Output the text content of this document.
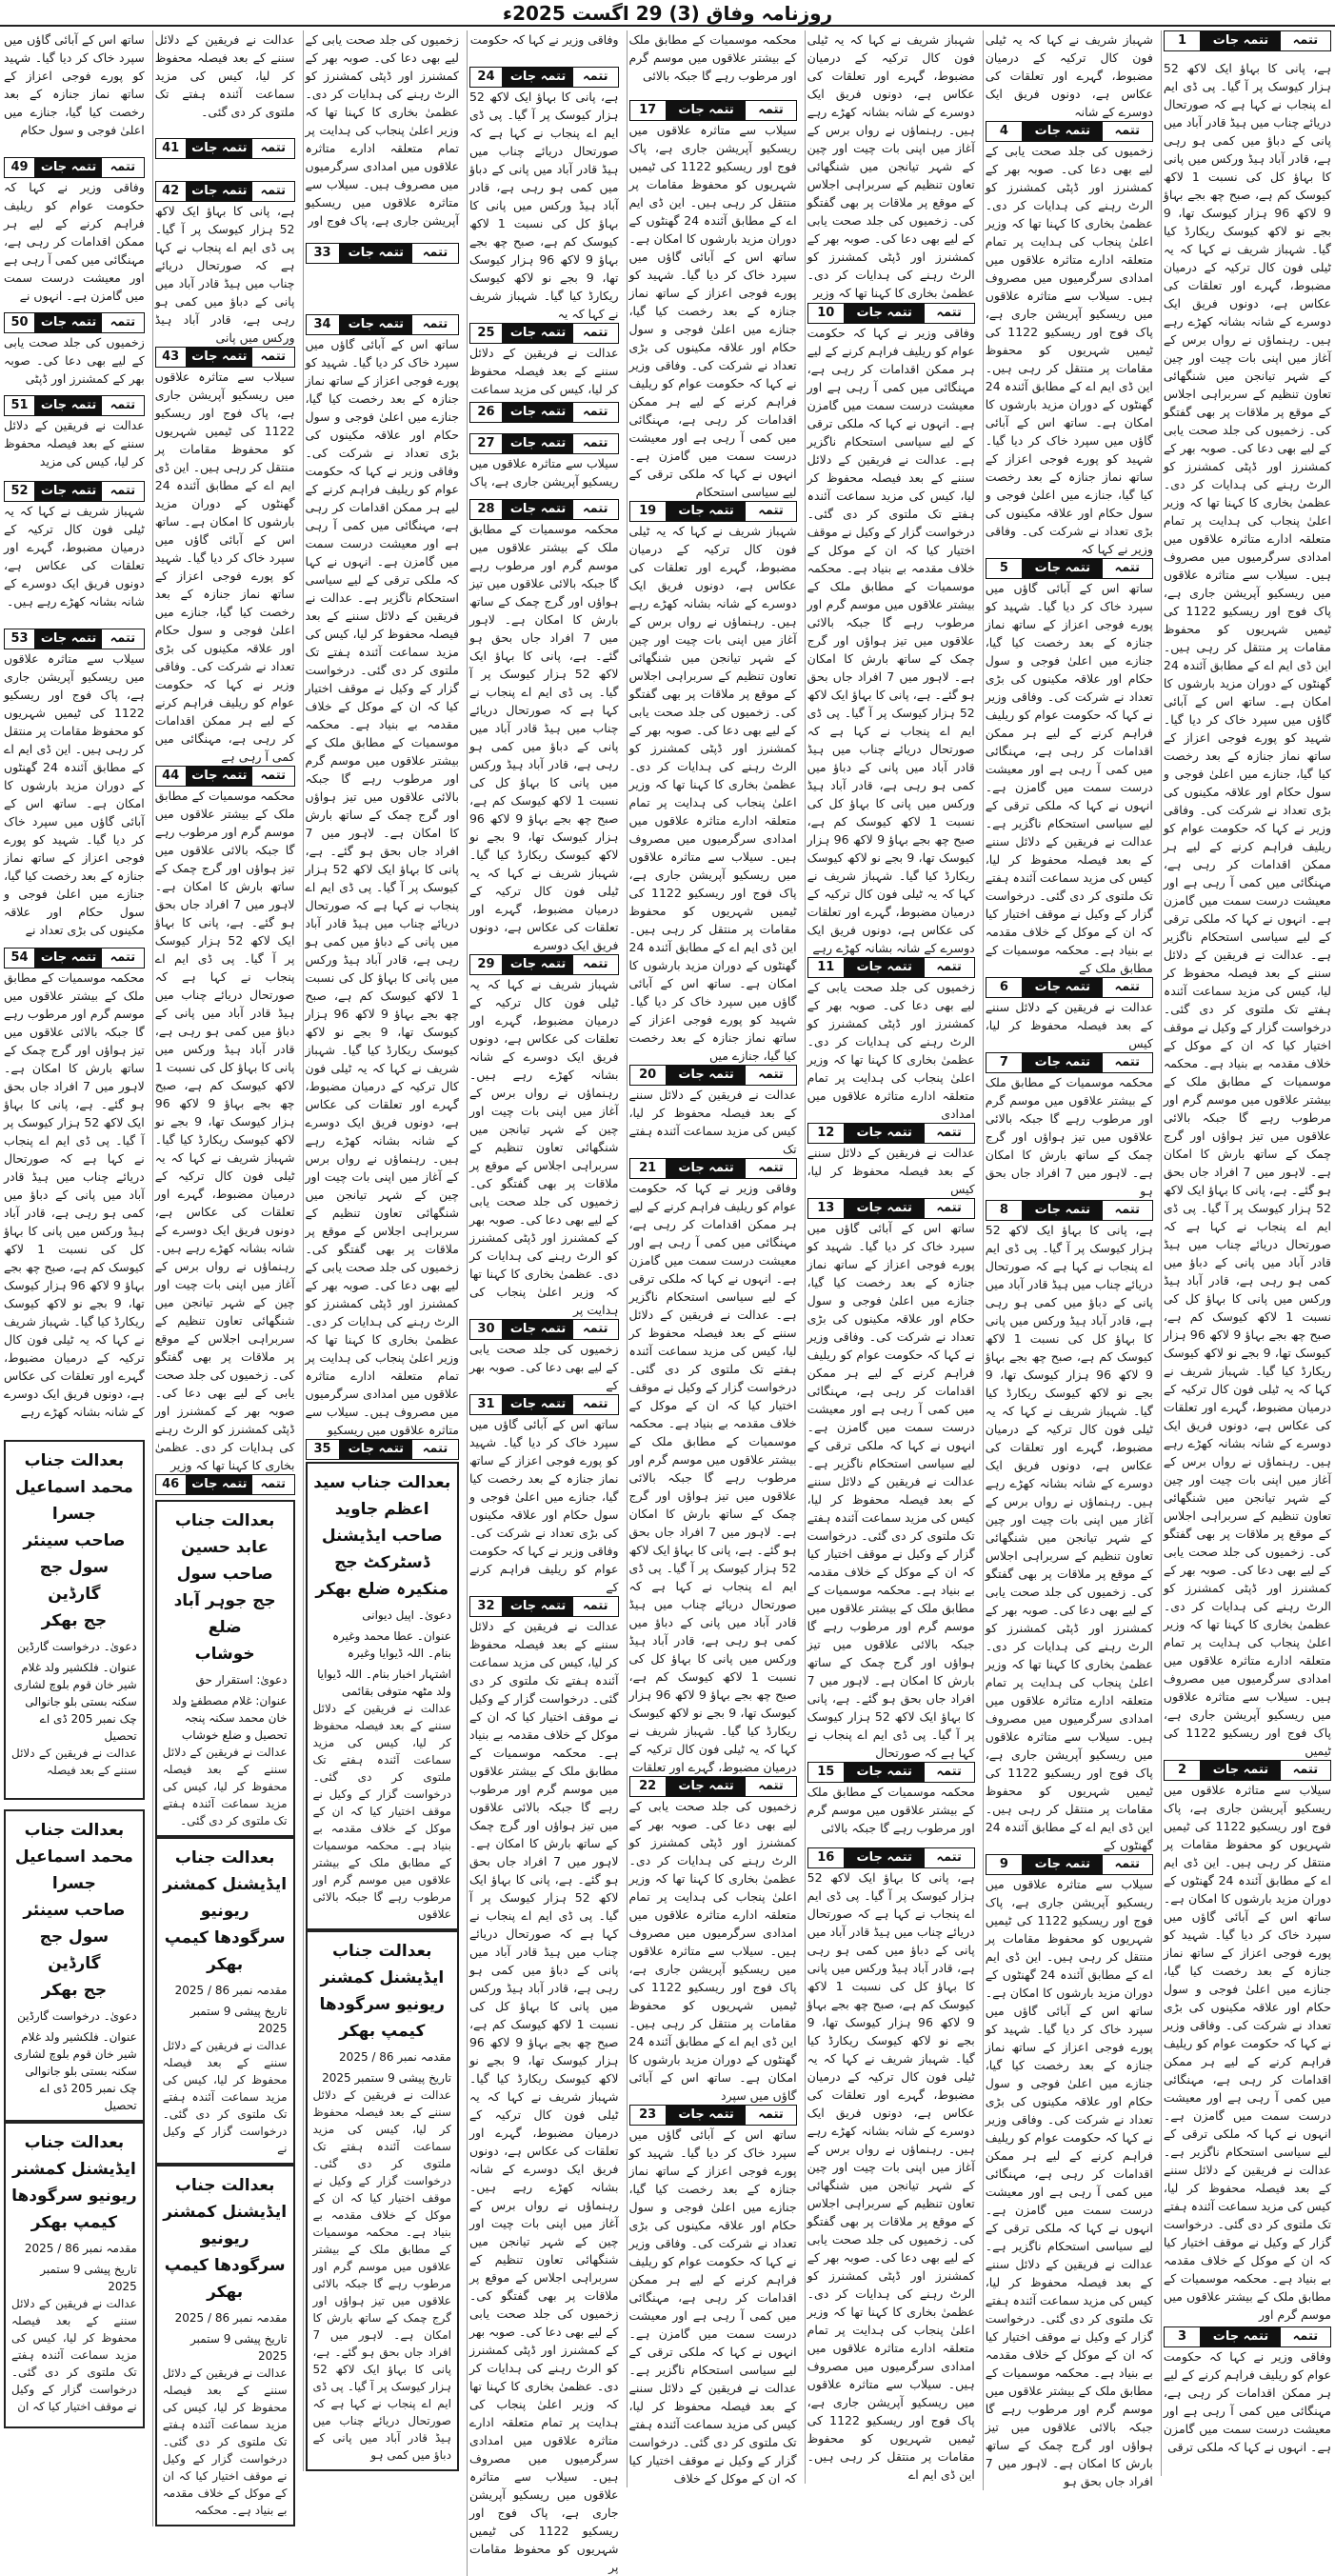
روزنامہ وفاق (3) 29 اگست 2025ء
تتمہ
تتمہ جات
1
ہے، پانی کا بہاؤ ایک لاکھ 52 ہزار کیوسک پر آ گیا۔ پی ڈی ایم اے پنجاب نے کہا ہے کہ صورتحال دریائے چناب میں ہیڈ قادر آباد میں پانی کے دباؤ میں کمی ہو رہی ہے، قادر آباد ہیڈ ورکس میں پانی کا بہاؤ کل کی نسبت 1 لاکھ کیوسک کم ہے، صبح چھ بجے بہاؤ 9 لاکھ 96 ہزار کیوسک تھا، 9 بجے نو لاکھ کیوسک ریکارڈ کیا گیا۔ شہباز شریف نے کہا کہ یہ ٹیلی فون کال ترکیہ کے درمیان مضبوط، گہرے اور تعلقات کی عکاس ہے، دونوں فریق ایک دوسرے کے شانہ بشانہ کھڑے رہے ہیں۔ رہنماؤں نے رواں برس کے آغاز میں اپنی بات چیت اور چین کے شہر تیانجن میں شنگھائی تعاون تنظیم کے سربراہی اجلاس کے موقع پر ملاقات پر بھی گفتگو کی۔ زخمیوں کی جلد صحت یابی کے لیے بھی دعا کی۔ صوبہ بھر کے کمشنرز اور ڈپٹی کمشنرز کو الرٹ رہنے کی ہدایات کر دی۔ عظمیٰ بخاری کا کہنا تھا کہ وزیر اعلیٰ پنجاب کی ہدایت پر تمام متعلقہ ادارے متاثرہ علاقوں میں امدادی سرگرمیوں میں مصروف ہیں۔ سیلاب سے متاثرہ علاقوں میں ریسکیو آپریشن جاری ہے، پاک فوج اور ریسکیو 1122 کی ٹیمیں شہریوں کو محفوظ مقامات پر منتقل کر رہی ہیں۔ این ڈی ایم اے کے مطابق آئندہ 24 گھنٹوں کے دوران مزید بارشوں کا امکان ہے۔ ساتھ اس کے آبائی گاؤں میں سپرد خاک کر دیا گیا۔ شہید کو پورے فوجی اعزاز کے ساتھ نماز جنازہ کے بعد رخصت کیا گیا، جنازے میں اعلیٰ فوجی و سول حکام اور علاقہ مکینوں کی بڑی تعداد نے شرکت کی۔ وفاقی وزیر نے کہا کہ حکومت عوام کو ریلیف فراہم کرنے کے لیے ہر ممکن اقدامات کر رہی ہے، مہنگائی میں کمی آ رہی ہے اور معیشت درست سمت میں گامزن ہے۔ انہوں نے کہا کہ ملکی ترقی کے لیے سیاسی استحکام ناگزیر ہے۔ عدالت نے فریقین کے دلائل سننے کے بعد فیصلہ محفوظ کر لیا، کیس کی مزید سماعت آئندہ ہفتے تک ملتوی کر دی گئی۔ درخواست گزار کے وکیل نے موقف اختیار کیا کہ ان کے موکل کے خلاف مقدمہ بے بنیاد ہے۔ محکمہ موسمیات کے مطابق ملک کے بیشتر علاقوں میں موسم گرم اور مرطوب رہے گا جبکہ بالائی علاقوں میں تیز ہواؤں اور گرج چمک کے ساتھ بارش کا امکان ہے۔ لاہور میں 7 افراد جاں بحق ہو گئے۔ ہے، پانی کا بہاؤ ایک لاکھ 52 ہزار کیوسک پر آ گیا۔ پی ڈی ایم اے پنجاب نے کہا ہے کہ صورتحال دریائے چناب میں ہیڈ قادر آباد میں پانی کے دباؤ میں کمی ہو رہی ہے، قادر آباد ہیڈ ورکس میں پانی کا بہاؤ کل کی نسبت 1 لاکھ کیوسک کم ہے، صبح چھ بجے بہاؤ 9 لاکھ 96 ہزار کیوسک تھا، 9 بجے نو لاکھ کیوسک ریکارڈ کیا گیا۔ شہباز شریف نے کہا کہ یہ ٹیلی فون کال ترکیہ کے درمیان مضبوط، گہرے اور تعلقات کی عکاس ہے، دونوں فریق ایک دوسرے کے شانہ بشانہ کھڑے رہے ہیں۔ رہنماؤں نے رواں برس کے آغاز میں اپنی بات چیت اور چین کے شہر تیانجن میں شنگھائی تعاون تنظیم کے سربراہی اجلاس کے موقع پر ملاقات پر بھی گفتگو کی۔ زخمیوں کی جلد صحت یابی کے لیے بھی دعا کی۔ صوبہ بھر کے کمشنرز اور ڈپٹی کمشنرز کو الرٹ رہنے کی ہدایات کر دی۔ عظمیٰ بخاری کا کہنا تھا کہ وزیر اعلیٰ پنجاب کی ہدایت پر تمام متعلقہ ادارے متاثرہ علاقوں میں امدادی سرگرمیوں میں مصروف ہیں۔ سیلاب سے متاثرہ علاقوں میں ریسکیو آپریشن جاری ہے، پاک فوج اور ریسکیو 1122 کی ٹیمیں
تتمہ
تتمہ جات
2
سیلاب سے متاثرہ علاقوں میں ریسکیو آپریشن جاری ہے، پاک فوج اور ریسکیو 1122 کی ٹیمیں شہریوں کو محفوظ مقامات پر منتقل کر رہی ہیں۔ این ڈی ایم اے کے مطابق آئندہ 24 گھنٹوں کے دوران مزید بارشوں کا امکان ہے۔ ساتھ اس کے آبائی گاؤں میں سپرد خاک کر دیا گیا۔ شہید کو پورے فوجی اعزاز کے ساتھ نماز جنازہ کے بعد رخصت کیا گیا، جنازے میں اعلیٰ فوجی و سول حکام اور علاقہ مکینوں کی بڑی تعداد نے شرکت کی۔ وفاقی وزیر نے کہا کہ حکومت عوام کو ریلیف فراہم کرنے کے لیے ہر ممکن اقدامات کر رہی ہے، مہنگائی میں کمی آ رہی ہے اور معیشت درست سمت میں گامزن ہے۔ انہوں نے کہا کہ ملکی ترقی کے لیے سیاسی استحکام ناگزیر ہے۔ عدالت نے فریقین کے دلائل سننے کے بعد فیصلہ محفوظ کر لیا، کیس کی مزید سماعت آئندہ ہفتے تک ملتوی کر دی گئی۔ درخواست گزار کے وکیل نے موقف اختیار کیا کہ ان کے موکل کے خلاف مقدمہ بے بنیاد ہے۔ محکمہ موسمیات کے مطابق ملک کے بیشتر علاقوں میں موسم گرم اور
تتمہ
تتمہ جات
3
وفاقی وزیر نے کہا کہ حکومت عوام کو ریلیف فراہم کرنے کے لیے ہر ممکن اقدامات کر رہی ہے، مہنگائی میں کمی آ رہی ہے اور معیشت درست سمت میں گامزن ہے۔ انہوں نے کہا کہ ملکی ترقی
شہباز شریف نے کہا کہ یہ ٹیلی فون کال ترکیہ کے درمیان مضبوط، گہرے اور تعلقات کی عکاس ہے، دونوں فریق ایک دوسرے کے شانہ
تتمہ
تتمہ جات
4
زخمیوں کی جلد صحت یابی کے لیے بھی دعا کی۔ صوبہ بھر کے کمشنرز اور ڈپٹی کمشنرز کو الرٹ رہنے کی ہدایات کر دی۔ عظمیٰ بخاری کا کہنا تھا کہ وزیر اعلیٰ پنجاب کی ہدایت پر تمام متعلقہ ادارے متاثرہ علاقوں میں امدادی سرگرمیوں میں مصروف ہیں۔ سیلاب سے متاثرہ علاقوں میں ریسکیو آپریشن جاری ہے، پاک فوج اور ریسکیو 1122 کی ٹیمیں شہریوں کو محفوظ مقامات پر منتقل کر رہی ہیں۔ این ڈی ایم اے کے مطابق آئندہ 24 گھنٹوں کے دوران مزید بارشوں کا امکان ہے۔ ساتھ اس کے آبائی گاؤں میں سپرد خاک کر دیا گیا۔ شہید کو پورے فوجی اعزاز کے ساتھ نماز جنازہ کے بعد رخصت کیا گیا، جنازے میں اعلیٰ فوجی و سول حکام اور علاقہ مکینوں کی بڑی تعداد نے شرکت کی۔ وفاقی وزیر نے کہا کہ
تتمہ
تتمہ جات
5
ساتھ اس کے آبائی گاؤں میں سپرد خاک کر دیا گیا۔ شہید کو پورے فوجی اعزاز کے ساتھ نماز جنازہ کے بعد رخصت کیا گیا، جنازے میں اعلیٰ فوجی و سول حکام اور علاقہ مکینوں کی بڑی تعداد نے شرکت کی۔ وفاقی وزیر نے کہا کہ حکومت عوام کو ریلیف فراہم کرنے کے لیے ہر ممکن اقدامات کر رہی ہے، مہنگائی میں کمی آ رہی ہے اور معیشت درست سمت میں گامزن ہے۔ انہوں نے کہا کہ ملکی ترقی کے لیے سیاسی استحکام ناگزیر ہے۔ عدالت نے فریقین کے دلائل سننے کے بعد فیصلہ محفوظ کر لیا، کیس کی مزید سماعت آئندہ ہفتے تک ملتوی کر دی گئی۔ درخواست گزار کے وکیل نے موقف اختیار کیا کہ ان کے موکل کے خلاف مقدمہ بے بنیاد ہے۔ محکمہ موسمیات کے مطابق ملک کے
تتمہ
تتمہ جات
6
عدالت نے فریقین کے دلائل سننے کے بعد فیصلہ محفوظ کر لیا، کیس
تتمہ
تتمہ جات
7
محکمہ موسمیات کے مطابق ملک کے بیشتر علاقوں میں موسم گرم اور مرطوب رہے گا جبکہ بالائی علاقوں میں تیز ہواؤں اور گرج چمک کے ساتھ بارش کا امکان ہے۔ لاہور میں 7 افراد جاں بحق ہو
تتمہ
تتمہ جات
8
ہے، پانی کا بہاؤ ایک لاکھ 52 ہزار کیوسک پر آ گیا۔ پی ڈی ایم اے پنجاب نے کہا ہے کہ صورتحال دریائے چناب میں ہیڈ قادر آباد میں پانی کے دباؤ میں کمی ہو رہی ہے، قادر آباد ہیڈ ورکس میں پانی کا بہاؤ کل کی نسبت 1 لاکھ کیوسک کم ہے، صبح چھ بجے بہاؤ 9 لاکھ 96 ہزار کیوسک تھا، 9 بجے نو لاکھ کیوسک ریکارڈ کیا گیا۔ شہباز شریف نے کہا کہ یہ ٹیلی فون کال ترکیہ کے درمیان مضبوط، گہرے اور تعلقات کی عکاس ہے، دونوں فریق ایک دوسرے کے شانہ بشانہ کھڑے رہے ہیں۔ رہنماؤں نے رواں برس کے آغاز میں اپنی بات چیت اور چین کے شہر تیانجن میں شنگھائی تعاون تنظیم کے سربراہی اجلاس کے موقع پر ملاقات پر بھی گفتگو کی۔ زخمیوں کی جلد صحت یابی کے لیے بھی دعا کی۔ صوبہ بھر کے کمشنرز اور ڈپٹی کمشنرز کو الرٹ رہنے کی ہدایات کر دی۔ عظمیٰ بخاری کا کہنا تھا کہ وزیر اعلیٰ پنجاب کی ہدایت پر تمام متعلقہ ادارے متاثرہ علاقوں میں امدادی سرگرمیوں میں مصروف ہیں۔ سیلاب سے متاثرہ علاقوں میں ریسکیو آپریشن جاری ہے، پاک فوج اور ریسکیو 1122 کی ٹیمیں شہریوں کو محفوظ مقامات پر منتقل کر رہی ہیں۔ این ڈی ایم اے کے مطابق آئندہ 24 گھنٹوں کے
تتمہ
تتمہ جات
9
سیلاب سے متاثرہ علاقوں میں ریسکیو آپریشن جاری ہے، پاک فوج اور ریسکیو 1122 کی ٹیمیں شہریوں کو محفوظ مقامات پر منتقل کر رہی ہیں۔ این ڈی ایم اے کے مطابق آئندہ 24 گھنٹوں کے دوران مزید بارشوں کا امکان ہے۔ ساتھ اس کے آبائی گاؤں میں سپرد خاک کر دیا گیا۔ شہید کو پورے فوجی اعزاز کے ساتھ نماز جنازہ کے بعد رخصت کیا گیا، جنازے میں اعلیٰ فوجی و سول حکام اور علاقہ مکینوں کی بڑی تعداد نے شرکت کی۔ وفاقی وزیر نے کہا کہ حکومت عوام کو ریلیف فراہم کرنے کے لیے ہر ممکن اقدامات کر رہی ہے، مہنگائی میں کمی آ رہی ہے اور معیشت درست سمت میں گامزن ہے۔ انہوں نے کہا کہ ملکی ترقی کے لیے سیاسی استحکام ناگزیر ہے۔ عدالت نے فریقین کے دلائل سننے کے بعد فیصلہ محفوظ کر لیا، کیس کی مزید سماعت آئندہ ہفتے تک ملتوی کر دی گئی۔ درخواست گزار کے وکیل نے موقف اختیار کیا کہ ان کے موکل کے خلاف مقدمہ بے بنیاد ہے۔ محکمہ موسمیات کے مطابق ملک کے بیشتر علاقوں میں موسم گرم اور مرطوب رہے گا جبکہ بالائی علاقوں میں تیز ہواؤں اور گرج چمک کے ساتھ بارش کا امکان ہے۔ لاہور میں 7 افراد جاں بحق ہو
شہباز شریف نے کہا کہ یہ ٹیلی فون کال ترکیہ کے درمیان مضبوط، گہرے اور تعلقات کی عکاس ہے، دونوں فریق ایک دوسرے کے شانہ بشانہ کھڑے رہے ہیں۔ رہنماؤں نے رواں برس کے آغاز میں اپنی بات چیت اور چین کے شہر تیانجن میں شنگھائی تعاون تنظیم کے سربراہی اجلاس کے موقع پر ملاقات پر بھی گفتگو کی۔ زخمیوں کی جلد صحت یابی کے لیے بھی دعا کی۔ صوبہ بھر کے کمشنرز اور ڈپٹی کمشنرز کو الرٹ رہنے کی ہدایات کر دی۔ عظمیٰ بخاری کا کہنا تھا کہ وزیر
تتمہ
تتمہ جات
10
وفاقی وزیر نے کہا کہ حکومت عوام کو ریلیف فراہم کرنے کے لیے ہر ممکن اقدامات کر رہی ہے، مہنگائی میں کمی آ رہی ہے اور معیشت درست سمت میں گامزن ہے۔ انہوں نے کہا کہ ملکی ترقی کے لیے سیاسی استحکام ناگزیر ہے۔ عدالت نے فریقین کے دلائل سننے کے بعد فیصلہ محفوظ کر لیا، کیس کی مزید سماعت آئندہ ہفتے تک ملتوی کر دی گئی۔ درخواست گزار کے وکیل نے موقف اختیار کیا کہ ان کے موکل کے خلاف مقدمہ بے بنیاد ہے۔ محکمہ موسمیات کے مطابق ملک کے بیشتر علاقوں میں موسم گرم اور مرطوب رہے گا جبکہ بالائی علاقوں میں تیز ہواؤں اور گرج چمک کے ساتھ بارش کا امکان ہے۔ لاہور میں 7 افراد جاں بحق ہو گئے۔ ہے، پانی کا بہاؤ ایک لاکھ 52 ہزار کیوسک پر آ گیا۔ پی ڈی ایم اے پنجاب نے کہا ہے کہ صورتحال دریائے چناب میں ہیڈ قادر آباد میں پانی کے دباؤ میں کمی ہو رہی ہے، قادر آباد ہیڈ ورکس میں پانی کا بہاؤ کل کی نسبت 1 لاکھ کیوسک کم ہے، صبح چھ بجے بہاؤ 9 لاکھ 96 ہزار کیوسک تھا، 9 بجے نو لاکھ کیوسک ریکارڈ کیا گیا۔ شہباز شریف نے کہا کہ یہ ٹیلی فون کال ترکیہ کے درمیان مضبوط، گہرے اور تعلقات کی عکاس ہے، دونوں فریق ایک دوسرے کے شانہ بشانہ کھڑے رہے
تتمہ
تتمہ جات
11
زخمیوں کی جلد صحت یابی کے لیے بھی دعا کی۔ صوبہ بھر کے کمشنرز اور ڈپٹی کمشنرز کو الرٹ رہنے کی ہدایات کر دی۔ عظمیٰ بخاری کا کہنا تھا کہ وزیر اعلیٰ پنجاب کی ہدایت پر تمام متعلقہ ادارے متاثرہ علاقوں میں امدادی
تتمہ
تتمہ جات
12
عدالت نے فریقین کے دلائل سننے کے بعد فیصلہ محفوظ کر لیا، کیس
تتمہ
تتمہ جات
13
ساتھ اس کے آبائی گاؤں میں سپرد خاک کر دیا گیا۔ شہید کو پورے فوجی اعزاز کے ساتھ نماز جنازہ کے بعد رخصت کیا گیا، جنازے میں اعلیٰ فوجی و سول حکام اور علاقہ مکینوں کی بڑی تعداد نے شرکت کی۔ وفاقی وزیر نے کہا کہ حکومت عوام کو ریلیف فراہم کرنے کے لیے ہر ممکن اقدامات کر رہی ہے، مہنگائی میں کمی آ رہی ہے اور معیشت درست سمت میں گامزن ہے۔ انہوں نے کہا کہ ملکی ترقی کے لیے سیاسی استحکام ناگزیر ہے۔ عدالت نے فریقین کے دلائل سننے کے بعد فیصلہ محفوظ کر لیا، کیس کی مزید سماعت آئندہ ہفتے تک ملتوی کر دی گئی۔ درخواست گزار کے وکیل نے موقف اختیار کیا کہ ان کے موکل کے خلاف مقدمہ بے بنیاد ہے۔ محکمہ موسمیات کے مطابق ملک کے بیشتر علاقوں میں موسم گرم اور مرطوب رہے گا جبکہ بالائی علاقوں میں تیز ہواؤں اور گرج چمک کے ساتھ بارش کا امکان ہے۔ لاہور میں 7 افراد جاں بحق ہو گئے۔ ہے، پانی کا بہاؤ ایک لاکھ 52 ہزار کیوسک پر آ گیا۔ پی ڈی ایم اے پنجاب نے کہا ہے کہ صورتحال
تتمہ
تتمہ جات
15
محکمہ موسمیات کے مطابق ملک کے بیشتر علاقوں میں موسم گرم اور مرطوب رہے گا جبکہ بالائی
تتمہ
تتمہ جات
16
ہے، پانی کا بہاؤ ایک لاکھ 52 ہزار کیوسک پر آ گیا۔ پی ڈی ایم اے پنجاب نے کہا ہے کہ صورتحال دریائے چناب میں ہیڈ قادر آباد میں پانی کے دباؤ میں کمی ہو رہی ہے، قادر آباد ہیڈ ورکس میں پانی کا بہاؤ کل کی نسبت 1 لاکھ کیوسک کم ہے، صبح چھ بجے بہاؤ 9 لاکھ 96 ہزار کیوسک تھا، 9 بجے نو لاکھ کیوسک ریکارڈ کیا گیا۔ شہباز شریف نے کہا کہ یہ ٹیلی فون کال ترکیہ کے درمیان مضبوط، گہرے اور تعلقات کی عکاس ہے، دونوں فریق ایک دوسرے کے شانہ بشانہ کھڑے رہے ہیں۔ رہنماؤں نے رواں برس کے آغاز میں اپنی بات چیت اور چین کے شہر تیانجن میں شنگھائی تعاون تنظیم کے سربراہی اجلاس کے موقع پر ملاقات پر بھی گفتگو کی۔ زخمیوں کی جلد صحت یابی کے لیے بھی دعا کی۔ صوبہ بھر کے کمشنرز اور ڈپٹی کمشنرز کو الرٹ رہنے کی ہدایات کر دی۔ عظمیٰ بخاری کا کہنا تھا کہ وزیر اعلیٰ پنجاب کی ہدایت پر تمام متعلقہ ادارے متاثرہ علاقوں میں امدادی سرگرمیوں میں مصروف ہیں۔ سیلاب سے متاثرہ علاقوں میں ریسکیو آپریشن جاری ہے، پاک فوج اور ریسکیو 1122 کی ٹیمیں شہریوں کو محفوظ مقامات پر منتقل کر رہی ہیں۔ این ڈی ایم اے
محکمہ موسمیات کے مطابق ملک کے بیشتر علاقوں میں موسم گرم اور مرطوب رہے گا جبکہ بالائی
تتمہ
تتمہ جات
17
سیلاب سے متاثرہ علاقوں میں ریسکیو آپریشن جاری ہے، پاک فوج اور ریسکیو 1122 کی ٹیمیں شہریوں کو محفوظ مقامات پر منتقل کر رہی ہیں۔ این ڈی ایم اے کے مطابق آئندہ 24 گھنٹوں کے دوران مزید بارشوں کا امکان ہے۔ ساتھ اس کے آبائی گاؤں میں سپرد خاک کر دیا گیا۔ شہید کو پورے فوجی اعزاز کے ساتھ نماز جنازہ کے بعد رخصت کیا گیا، جنازے میں اعلیٰ فوجی و سول حکام اور علاقہ مکینوں کی بڑی تعداد نے شرکت کی۔ وفاقی وزیر نے کہا کہ حکومت عوام کو ریلیف فراہم کرنے کے لیے ہر ممکن اقدامات کر رہی ہے، مہنگائی میں کمی آ رہی ہے اور معیشت درست سمت میں گامزن ہے۔ انہوں نے کہا کہ ملکی ترقی کے لیے سیاسی استحکام
تتمہ
تتمہ جات
19
شہباز شریف نے کہا کہ یہ ٹیلی فون کال ترکیہ کے درمیان مضبوط، گہرے اور تعلقات کی عکاس ہے، دونوں فریق ایک دوسرے کے شانہ بشانہ کھڑے رہے ہیں۔ رہنماؤں نے رواں برس کے آغاز میں اپنی بات چیت اور چین کے شہر تیانجن میں شنگھائی تعاون تنظیم کے سربراہی اجلاس کے موقع پر ملاقات پر بھی گفتگو کی۔ زخمیوں کی جلد صحت یابی کے لیے بھی دعا کی۔ صوبہ بھر کے کمشنرز اور ڈپٹی کمشنرز کو الرٹ رہنے کی ہدایات کر دی۔ عظمیٰ بخاری کا کہنا تھا کہ وزیر اعلیٰ پنجاب کی ہدایت پر تمام متعلقہ ادارے متاثرہ علاقوں میں امدادی سرگرمیوں میں مصروف ہیں۔ سیلاب سے متاثرہ علاقوں میں ریسکیو آپریشن جاری ہے، پاک فوج اور ریسکیو 1122 کی ٹیمیں شہریوں کو محفوظ مقامات پر منتقل کر رہی ہیں۔ این ڈی ایم اے کے مطابق آئندہ 24 گھنٹوں کے دوران مزید بارشوں کا امکان ہے۔ ساتھ اس کے آبائی گاؤں میں سپرد خاک کر دیا گیا۔ شہید کو پورے فوجی اعزاز کے ساتھ نماز جنازہ کے بعد رخصت کیا گیا، جنازے میں
تتمہ
تتمہ جات
20
عدالت نے فریقین کے دلائل سننے کے بعد فیصلہ محفوظ کر لیا، کیس کی مزید سماعت آئندہ ہفتے تک
تتمہ
تتمہ جات
21
وفاقی وزیر نے کہا کہ حکومت عوام کو ریلیف فراہم کرنے کے لیے ہر ممکن اقدامات کر رہی ہے، مہنگائی میں کمی آ رہی ہے اور معیشت درست سمت میں گامزن ہے۔ انہوں نے کہا کہ ملکی ترقی کے لیے سیاسی استحکام ناگزیر ہے۔ عدالت نے فریقین کے دلائل سننے کے بعد فیصلہ محفوظ کر لیا، کیس کی مزید سماعت آئندہ ہفتے تک ملتوی کر دی گئی۔ درخواست گزار کے وکیل نے موقف اختیار کیا کہ ان کے موکل کے خلاف مقدمہ بے بنیاد ہے۔ محکمہ موسمیات کے مطابق ملک کے بیشتر علاقوں میں موسم گرم اور مرطوب رہے گا جبکہ بالائی علاقوں میں تیز ہواؤں اور گرج چمک کے ساتھ بارش کا امکان ہے۔ لاہور میں 7 افراد جاں بحق ہو گئے۔ ہے، پانی کا بہاؤ ایک لاکھ 52 ہزار کیوسک پر آ گیا۔ پی ڈی ایم اے پنجاب نے کہا ہے کہ صورتحال دریائے چناب میں ہیڈ قادر آباد میں پانی کے دباؤ میں کمی ہو رہی ہے، قادر آباد ہیڈ ورکس میں پانی کا بہاؤ کل کی نسبت 1 لاکھ کیوسک کم ہے، صبح چھ بجے بہاؤ 9 لاکھ 96 ہزار کیوسک تھا، 9 بجے نو لاکھ کیوسک ریکارڈ کیا گیا۔ شہباز شریف نے کہا کہ یہ ٹیلی فون کال ترکیہ کے درمیان مضبوط، گہرے اور تعلقات
تتمہ
تتمہ جات
22
زخمیوں کی جلد صحت یابی کے لیے بھی دعا کی۔ صوبہ بھر کے کمشنرز اور ڈپٹی کمشنرز کو الرٹ رہنے کی ہدایات کر دی۔ عظمیٰ بخاری کا کہنا تھا کہ وزیر اعلیٰ پنجاب کی ہدایت پر تمام متعلقہ ادارے متاثرہ علاقوں میں امدادی سرگرمیوں میں مصروف ہیں۔ سیلاب سے متاثرہ علاقوں میں ریسکیو آپریشن جاری ہے، پاک فوج اور ریسکیو 1122 کی ٹیمیں شہریوں کو محفوظ مقامات پر منتقل کر رہی ہیں۔ این ڈی ایم اے کے مطابق آئندہ 24 گھنٹوں کے دوران مزید بارشوں کا امکان ہے۔ ساتھ اس کے آبائی گاؤں میں سپرد
تتمہ
تتمہ جات
23
ساتھ اس کے آبائی گاؤں میں سپرد خاک کر دیا گیا۔ شہید کو پورے فوجی اعزاز کے ساتھ نماز جنازہ کے بعد رخصت کیا گیا، جنازے میں اعلیٰ فوجی و سول حکام اور علاقہ مکینوں کی بڑی تعداد نے شرکت کی۔ وفاقی وزیر نے کہا کہ حکومت عوام کو ریلیف فراہم کرنے کے لیے ہر ممکن اقدامات کر رہی ہے، مہنگائی میں کمی آ رہی ہے اور معیشت درست سمت میں گامزن ہے۔ انہوں نے کہا کہ ملکی ترقی کے لیے سیاسی استحکام ناگزیر ہے۔ عدالت نے فریقین کے دلائل سننے کے بعد فیصلہ محفوظ کر لیا، کیس کی مزید سماعت آئندہ ہفتے تک ملتوی کر دی گئی۔ درخواست گزار کے وکیل نے موقف اختیار کیا کہ ان کے موکل کے خلاف
وفاقی وزیر نے کہا کہ حکومت
تتمہ
تتمہ جات
24
ہے، پانی کا بہاؤ ایک لاکھ 52 ہزار کیوسک پر آ گیا۔ پی ڈی ایم اے پنجاب نے کہا ہے کہ صورتحال دریائے چناب میں ہیڈ قادر آباد میں پانی کے دباؤ میں کمی ہو رہی ہے، قادر آباد ہیڈ ورکس میں پانی کا بہاؤ کل کی نسبت 1 لاکھ کیوسک کم ہے، صبح چھ بجے بہاؤ 9 لاکھ 96 ہزار کیوسک تھا، 9 بجے نو لاکھ کیوسک ریکارڈ کیا گیا۔ شہباز شریف نے کہا کہ یہ
تتمہ
تتمہ جات
25
عدالت نے فریقین کے دلائل سننے کے بعد فیصلہ محفوظ کر لیا، کیس کی مزید سماعت
تتمہ
تتمہ جات
26
تتمہ
تتمہ جات
27
سیلاب سے متاثرہ علاقوں میں ریسکیو آپریشن جاری ہے، پاک
تتمہ
تتمہ جات
28
محکمہ موسمیات کے مطابق ملک کے بیشتر علاقوں میں موسم گرم اور مرطوب رہے گا جبکہ بالائی علاقوں میں تیز ہواؤں اور گرج چمک کے ساتھ بارش کا امکان ہے۔ لاہور میں 7 افراد جاں بحق ہو گئے۔ ہے، پانی کا بہاؤ ایک لاکھ 52 ہزار کیوسک پر آ گیا۔ پی ڈی ایم اے پنجاب نے کہا ہے کہ صورتحال دریائے چناب میں ہیڈ قادر آباد میں پانی کے دباؤ میں کمی ہو رہی ہے، قادر آباد ہیڈ ورکس میں پانی کا بہاؤ کل کی نسبت 1 لاکھ کیوسک کم ہے، صبح چھ بجے بہاؤ 9 لاکھ 96 ہزار کیوسک تھا، 9 بجے نو لاکھ کیوسک ریکارڈ کیا گیا۔ شہباز شریف نے کہا کہ یہ ٹیلی فون کال ترکیہ کے درمیان مضبوط، گہرے اور تعلقات کی عکاس ہے، دونوں فریق ایک دوسرے
تتمہ
تتمہ جات
29
شہباز شریف نے کہا کہ یہ ٹیلی فون کال ترکیہ کے درمیان مضبوط، گہرے اور تعلقات کی عکاس ہے، دونوں فریق ایک دوسرے کے شانہ بشانہ کھڑے رہے ہیں۔ رہنماؤں نے رواں برس کے آغاز میں اپنی بات چیت اور چین کے شہر تیانجن میں شنگھائی تعاون تنظیم کے سربراہی اجلاس کے موقع پر ملاقات پر بھی گفتگو کی۔ زخمیوں کی جلد صحت یابی کے لیے بھی دعا کی۔ صوبہ بھر کے کمشنرز اور ڈپٹی کمشنرز کو الرٹ رہنے کی ہدایات کر دی۔ عظمیٰ بخاری کا کہنا تھا کہ وزیر اعلیٰ پنجاب کی ہدایت پر
تتمہ
تتمہ جات
30
زخمیوں کی جلد صحت یابی کے لیے بھی دعا کی۔ صوبہ بھر کے
تتمہ
تتمہ جات
31
ساتھ اس کے آبائی گاؤں میں سپرد خاک کر دیا گیا۔ شہید کو پورے فوجی اعزاز کے ساتھ نماز جنازہ کے بعد رخصت کیا گیا، جنازے میں اعلیٰ فوجی و سول حکام اور علاقہ مکینوں کی بڑی تعداد نے شرکت کی۔ وفاقی وزیر نے کہا کہ حکومت عوام کو ریلیف فراہم کرنے کے
تتمہ
تتمہ جات
32
عدالت نے فریقین کے دلائل سننے کے بعد فیصلہ محفوظ کر لیا، کیس کی مزید سماعت آئندہ ہفتے تک ملتوی کر دی گئی۔ درخواست گزار کے وکیل نے موقف اختیار کیا کہ ان کے موکل کے خلاف مقدمہ بے بنیاد ہے۔ محکمہ موسمیات کے مطابق ملک کے بیشتر علاقوں میں موسم گرم اور مرطوب رہے گا جبکہ بالائی علاقوں میں تیز ہواؤں اور گرج چمک کے ساتھ بارش کا امکان ہے۔ لاہور میں 7 افراد جاں بحق ہو گئے۔ ہے، پانی کا بہاؤ ایک لاکھ 52 ہزار کیوسک پر آ گیا۔ پی ڈی ایم اے پنجاب نے کہا ہے کہ صورتحال دریائے چناب میں ہیڈ قادر آباد میں پانی کے دباؤ میں کمی ہو رہی ہے، قادر آباد ہیڈ ورکس میں پانی کا بہاؤ کل کی نسبت 1 لاکھ کیوسک کم ہے، صبح چھ بجے بہاؤ 9 لاکھ 96 ہزار کیوسک تھا، 9 بجے نو لاکھ کیوسک ریکارڈ کیا گیا۔ شہباز شریف نے کہا کہ یہ ٹیلی فون کال ترکیہ کے درمیان مضبوط، گہرے اور تعلقات کی عکاس ہے، دونوں فریق ایک دوسرے کے شانہ بشانہ کھڑے رہے ہیں۔ رہنماؤں نے رواں برس کے آغاز میں اپنی بات چیت اور چین کے شہر تیانجن میں شنگھائی تعاون تنظیم کے سربراہی اجلاس کے موقع پر ملاقات پر بھی گفتگو کی۔ زخمیوں کی جلد صحت یابی کے لیے بھی دعا کی۔ صوبہ بھر کے کمشنرز اور ڈپٹی کمشنرز کو الرٹ رہنے کی ہدایات کر دی۔ عظمیٰ بخاری کا کہنا تھا کہ وزیر اعلیٰ پنجاب کی ہدایت پر تمام متعلقہ ادارے متاثرہ علاقوں میں امدادی سرگرمیوں میں مصروف ہیں۔ سیلاب سے متاثرہ علاقوں میں ریسکیو آپریشن جاری ہے، پاک فوج اور ریسکیو 1122 کی ٹیمیں شہریوں کو محفوظ مقامات پر
زخمیوں کی جلد صحت یابی کے لیے بھی دعا کی۔ صوبہ بھر کے کمشنرز اور ڈپٹی کمشنرز کو الرٹ رہنے کی ہدایات کر دی۔ عظمیٰ بخاری کا کہنا تھا کہ وزیر اعلیٰ پنجاب کی ہدایت پر تمام متعلقہ ادارے متاثرہ علاقوں میں امدادی سرگرمیوں میں مصروف ہیں۔ سیلاب سے متاثرہ علاقوں میں ریسکیو آپریشن جاری ہے، پاک فوج اور
تتمہ
تتمہ جات
33
تتمہ
تتمہ جات
34
ساتھ اس کے آبائی گاؤں میں سپرد خاک کر دیا گیا۔ شہید کو پورے فوجی اعزاز کے ساتھ نماز جنازہ کے بعد رخصت کیا گیا، جنازے میں اعلیٰ فوجی و سول حکام اور علاقہ مکینوں کی بڑی تعداد نے شرکت کی۔ وفاقی وزیر نے کہا کہ حکومت عوام کو ریلیف فراہم کرنے کے لیے ہر ممکن اقدامات کر رہی ہے، مہنگائی میں کمی آ رہی ہے اور معیشت درست سمت میں گامزن ہے۔ انہوں نے کہا کہ ملکی ترقی کے لیے سیاسی استحکام ناگزیر ہے۔ عدالت نے فریقین کے دلائل سننے کے بعد فیصلہ محفوظ کر لیا، کیس کی مزید سماعت آئندہ ہفتے تک ملتوی کر دی گئی۔ درخواست گزار کے وکیل نے موقف اختیار کیا کہ ان کے موکل کے خلاف مقدمہ بے بنیاد ہے۔ محکمہ موسمیات کے مطابق ملک کے بیشتر علاقوں میں موسم گرم اور مرطوب رہے گا جبکہ بالائی علاقوں میں تیز ہواؤں اور گرج چمک کے ساتھ بارش کا امکان ہے۔ لاہور میں 7 افراد جاں بحق ہو گئے۔ ہے، پانی کا بہاؤ ایک لاکھ 52 ہزار کیوسک پر آ گیا۔ پی ڈی ایم اے پنجاب نے کہا ہے کہ صورتحال دریائے چناب میں ہیڈ قادر آباد میں پانی کے دباؤ میں کمی ہو رہی ہے، قادر آباد ہیڈ ورکس میں پانی کا بہاؤ کل کی نسبت 1 لاکھ کیوسک کم ہے، صبح چھ بجے بہاؤ 9 لاکھ 96 ہزار کیوسک تھا، 9 بجے نو لاکھ کیوسک ریکارڈ کیا گیا۔ شہباز شریف نے کہا کہ یہ ٹیلی فون کال ترکیہ کے درمیان مضبوط، گہرے اور تعلقات کی عکاس ہے، دونوں فریق ایک دوسرے کے شانہ بشانہ کھڑے رہے ہیں۔ رہنماؤں نے رواں برس کے آغاز میں اپنی بات چیت اور چین کے شہر تیانجن میں شنگھائی تعاون تنظیم کے سربراہی اجلاس کے موقع پر ملاقات پر بھی گفتگو کی۔ زخمیوں کی جلد صحت یابی کے لیے بھی دعا کی۔ صوبہ بھر کے کمشنرز اور ڈپٹی کمشنرز کو الرٹ رہنے کی ہدایات کر دی۔ عظمیٰ بخاری کا کہنا تھا کہ وزیر اعلیٰ پنجاب کی ہدایت پر تمام متعلقہ ادارے متاثرہ علاقوں میں امدادی سرگرمیوں میں مصروف ہیں۔ سیلاب سے متاثرہ علاقوں میں ریسکیو
تتمہ
تتمہ جات
35
بعدالت جناب سید اعظم جاوید
صاحب ایڈیشنل ڈسٹرکٹ جج
منکیرہ ضلع بھکر
دعویٰ۔ اپیل دیوانی
عنوان۔ عطا محمد وغیرہ بنام۔ اللہ ڈیوایا وغیرہ
اشتہار اخبار بنام۔ اللہ ڈیوایا ولد مٹھہ متوفی بقائمی
عدالت نے فریقین کے دلائل سننے کے بعد فیصلہ محفوظ کر لیا، کیس کی مزید سماعت آئندہ ہفتے تک ملتوی کر دی گئی۔ درخواست گزار کے وکیل نے موقف اختیار کیا کہ ان کے موکل کے خلاف مقدمہ بے بنیاد ہے۔ محکمہ موسمیات کے مطابق ملک کے بیشتر علاقوں میں موسم گرم اور مرطوب رہے گا جبکہ بالائی علاقوں
بعدالت جناب ایڈیشنل کمشنر
ریونیو سرگودھا کیمپ بھکر
مقدمہ نمبر 86 / 2025
تاریخ پیشی 9 ستمبر 2025
عدالت نے فریقین کے دلائل سننے کے بعد فیصلہ محفوظ کر لیا، کیس کی مزید سماعت آئندہ ہفتے تک ملتوی کر دی گئی۔ درخواست گزار کے وکیل نے موقف اختیار کیا کہ ان کے موکل کے خلاف مقدمہ بے بنیاد ہے۔ محکمہ موسمیات کے مطابق ملک کے بیشتر علاقوں میں موسم گرم اور مرطوب رہے گا جبکہ بالائی علاقوں میں تیز ہواؤں اور گرج چمک کے ساتھ بارش کا امکان ہے۔ لاہور میں 7 افراد جاں بحق ہو گئے۔ ہے، پانی کا بہاؤ ایک لاکھ 52 ہزار کیوسک پر آ گیا۔ پی ڈی ایم اے پنجاب نے کہا ہے کہ صورتحال دریائے چناب میں ہیڈ قادر آباد میں پانی کے دباؤ میں کمی ہو
عدالت نے فریقین کے دلائل سننے کے بعد فیصلہ محفوظ کر لیا، کیس کی مزید سماعت آئندہ ہفتے تک ملتوی کر دی گئی۔
تتمہ
تتمہ جات
41
تتمہ
تتمہ جات
42
ہے، پانی کا بہاؤ ایک لاکھ 52 ہزار کیوسک پر آ گیا۔ پی ڈی ایم اے پنجاب نے کہا ہے کہ صورتحال دریائے چناب میں ہیڈ قادر آباد میں پانی کے دباؤ میں کمی ہو رہی ہے، قادر آباد ہیڈ ورکس میں پانی
تتمہ
تتمہ جات
43
سیلاب سے متاثرہ علاقوں میں ریسکیو آپریشن جاری ہے، پاک فوج اور ریسکیو 1122 کی ٹیمیں شہریوں کو محفوظ مقامات پر منتقل کر رہی ہیں۔ این ڈی ایم اے کے مطابق آئندہ 24 گھنٹوں کے دوران مزید بارشوں کا امکان ہے۔ ساتھ اس کے آبائی گاؤں میں سپرد خاک کر دیا گیا۔ شہید کو پورے فوجی اعزاز کے ساتھ نماز جنازہ کے بعد رخصت کیا گیا، جنازے میں اعلیٰ فوجی و سول حکام اور علاقہ مکینوں کی بڑی تعداد نے شرکت کی۔ وفاقی وزیر نے کہا کہ حکومت عوام کو ریلیف فراہم کرنے کے لیے ہر ممکن اقدامات کر رہی ہے، مہنگائی میں کمی آ رہی ہے
تتمہ
تتمہ جات
44
محکمہ موسمیات کے مطابق ملک کے بیشتر علاقوں میں موسم گرم اور مرطوب رہے گا جبکہ بالائی علاقوں میں تیز ہواؤں اور گرج چمک کے ساتھ بارش کا امکان ہے۔ لاہور میں 7 افراد جاں بحق ہو گئے۔ ہے، پانی کا بہاؤ ایک لاکھ 52 ہزار کیوسک پر آ گیا۔ پی ڈی ایم اے پنجاب نے کہا ہے کہ صورتحال دریائے چناب میں ہیڈ قادر آباد میں پانی کے دباؤ میں کمی ہو رہی ہے، قادر آباد ہیڈ ورکس میں پانی کا بہاؤ کل کی نسبت 1 لاکھ کیوسک کم ہے، صبح چھ بجے بہاؤ 9 لاکھ 96 ہزار کیوسک تھا، 9 بجے نو لاکھ کیوسک ریکارڈ کیا گیا۔ شہباز شریف نے کہا کہ یہ ٹیلی فون کال ترکیہ کے درمیان مضبوط، گہرے اور تعلقات کی عکاس ہے، دونوں فریق ایک دوسرے کے شانہ بشانہ کھڑے رہے ہیں۔ رہنماؤں نے رواں برس کے آغاز میں اپنی بات چیت اور چین کے شہر تیانجن میں شنگھائی تعاون تنظیم کے سربراہی اجلاس کے موقع پر ملاقات پر بھی گفتگو کی۔ زخمیوں کی جلد صحت یابی کے لیے بھی دعا کی۔ صوبہ بھر کے کمشنرز اور ڈپٹی کمشنرز کو الرٹ رہنے کی ہدایات کر دی۔ عظمیٰ بخاری کا کہنا تھا کہ وزیر
تتمہ
تتمہ جات
46
بعدالت جناب عابد حسین
صاحب سول جج جوہر آباد ضلع
خوشاب
دعویٰ: استقرار حق
عنوان: غلام مصطفےٰ ولد خان محمد سکنہ پنجہ تحصیل و ضلع خوشاب
عدالت نے فریقین کے دلائل سننے کے بعد فیصلہ محفوظ کر لیا، کیس کی مزید سماعت آئندہ ہفتے تک ملتوی کر دی گئی۔
بعدالت جناب ایڈیشنل کمشنر
ریونیو سرگودھا کیمپ بھکر
مقدمہ نمبر 86 / 2025
تاریخ پیشی 9 ستمبر 2025
عدالت نے فریقین کے دلائل سننے کے بعد فیصلہ محفوظ کر لیا، کیس کی مزید سماعت آئندہ ہفتے تک ملتوی کر دی گئی۔ درخواست گزار کے وکیل نے
بعدالت جناب ایڈیشنل کمشنر
ریونیو سرگودھا کیمپ بھکر
مقدمہ نمبر 86 / 2025
تاریخ پیشی 9 ستمبر 2025
عدالت نے فریقین کے دلائل سننے کے بعد فیصلہ محفوظ کر لیا، کیس کی مزید سماعت آئندہ ہفتے تک ملتوی کر دی گئی۔ درخواست گزار کے وکیل نے موقف اختیار کیا کہ ان کے موکل کے خلاف مقدمہ بے بنیاد ہے۔ محکمہ
ساتھ اس کے آبائی گاؤں میں سپرد خاک کر دیا گیا۔ شہید کو پورے فوجی اعزاز کے ساتھ نماز جنازہ کے بعد رخصت کیا گیا، جنازے میں اعلیٰ فوجی و سول حکام
تتمہ
تتمہ جات
49
وفاقی وزیر نے کہا کہ حکومت عوام کو ریلیف فراہم کرنے کے لیے ہر ممکن اقدامات کر رہی ہے، مہنگائی میں کمی آ رہی ہے اور معیشت درست سمت میں گامزن ہے۔ انہوں نے
تتمہ
تتمہ جات
50
زخمیوں کی جلد صحت یابی کے لیے بھی دعا کی۔ صوبہ بھر کے کمشنرز اور ڈپٹی
تتمہ
تتمہ جات
51
عدالت نے فریقین کے دلائل سننے کے بعد فیصلہ محفوظ کر لیا، کیس کی مزید
تتمہ
تتمہ جات
52
شہباز شریف نے کہا کہ یہ ٹیلی فون کال ترکیہ کے درمیان مضبوط، گہرے اور تعلقات کی عکاس ہے، دونوں فریق ایک دوسرے کے شانہ بشانہ کھڑے رہے ہیں۔
تتمہ
تتمہ جات
53
سیلاب سے متاثرہ علاقوں میں ریسکیو آپریشن جاری ہے، پاک فوج اور ریسکیو 1122 کی ٹیمیں شہریوں کو محفوظ مقامات پر منتقل کر رہی ہیں۔ این ڈی ایم اے کے مطابق آئندہ 24 گھنٹوں کے دوران مزید بارشوں کا امکان ہے۔ ساتھ اس کے آبائی گاؤں میں سپرد خاک کر دیا گیا۔ شہید کو پورے فوجی اعزاز کے ساتھ نماز جنازہ کے بعد رخصت کیا گیا، جنازے میں اعلیٰ فوجی و سول حکام اور علاقہ مکینوں کی بڑی تعداد نے
تتمہ
تتمہ جات
54
محکمہ موسمیات کے مطابق ملک کے بیشتر علاقوں میں موسم گرم اور مرطوب رہے گا جبکہ بالائی علاقوں میں تیز ہواؤں اور گرج چمک کے ساتھ بارش کا امکان ہے۔ لاہور میں 7 افراد جاں بحق ہو گئے۔ ہے، پانی کا بہاؤ ایک لاکھ 52 ہزار کیوسک پر آ گیا۔ پی ڈی ایم اے پنجاب نے کہا ہے کہ صورتحال دریائے چناب میں ہیڈ قادر آباد میں پانی کے دباؤ میں کمی ہو رہی ہے، قادر آباد ہیڈ ورکس میں پانی کا بہاؤ کل کی نسبت 1 لاکھ کیوسک کم ہے، صبح چھ بجے بہاؤ 9 لاکھ 96 ہزار کیوسک تھا، 9 بجے نو لاکھ کیوسک ریکارڈ کیا گیا۔ شہباز شریف نے کہا کہ یہ ٹیلی فون کال ترکیہ کے درمیان مضبوط، گہرے اور تعلقات کی عکاس ہے، دونوں فریق ایک دوسرے کے شانہ بشانہ کھڑے رہے
بعدالت جناب محمد اسماعیل جسرا
صاحب سینئر سول جج گارڈین
جج بھکر
دعویٰ۔ درخواست گارڈین
عنوان۔ فلکشیر ولد غلام شیر خان قوم بلوچ لشاری سکنہ بستی بلو جانوالی چک نمبر 205 ڈی اے تحصیل
عدالت نے فریقین کے دلائل سننے کے بعد فیصلہ
بعدالت جناب محمد اسماعیل جسرا
صاحب سینئر سول جج گارڈین
جج بھکر
دعویٰ۔ درخواست گارڈین
عنوان۔ فلکشیر ولد غلام شیر خان قوم بلوچ لشاری سکنہ بستی بلو جانوالی چک نمبر 205 ڈی اے تحصیل
بعدالت جناب ایڈیشنل کمشنر
ریونیو سرگودھا کیمپ بھکر
مقدمہ نمبر 86 / 2025
تاریخ پیشی 9 ستمبر 2025
عدالت نے فریقین کے دلائل سننے کے بعد فیصلہ محفوظ کر لیا، کیس کی مزید سماعت آئندہ ہفتے تک ملتوی کر دی گئی۔ درخواست گزار کے وکیل نے موقف اختیار کیا کہ ان
